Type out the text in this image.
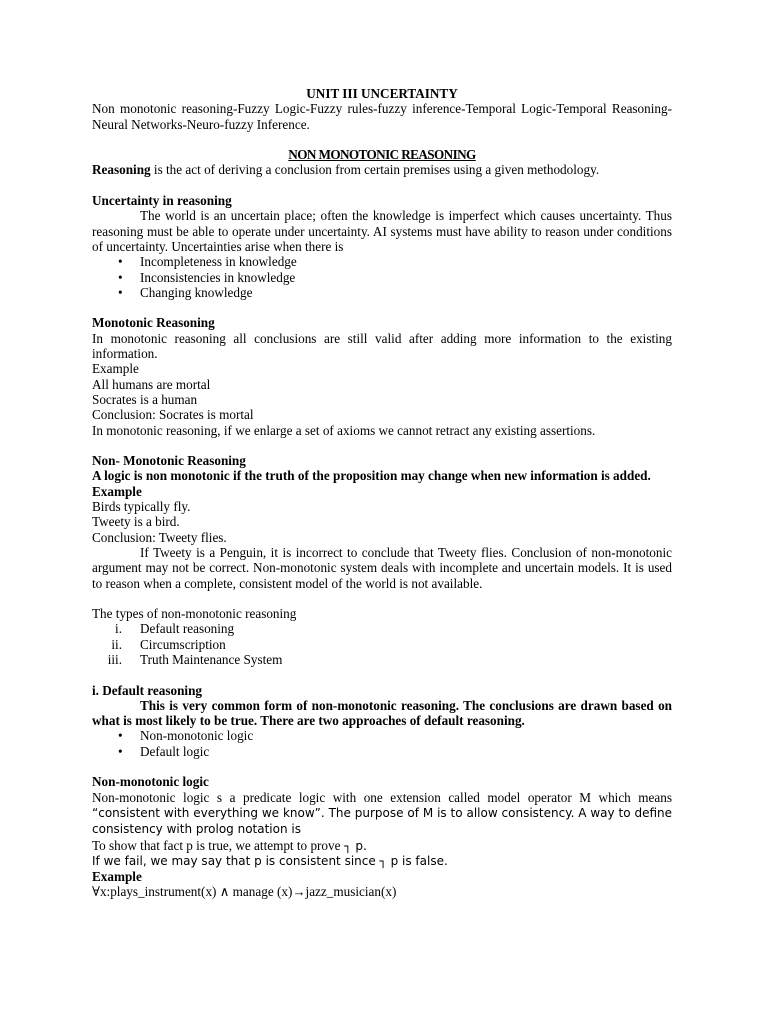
UNIT III UNCERTAINTY

Non monotonic reasoning-Fuzzy Logic-Fuzzy rules-fuzzy inference-Temporal Logic-Temporal Reasoning-Neural Networks-Neuro-fuzzy Inference.

NON MONOTONIC REASONING

Reasoning is the act of deriving a conclusion from certain premises using a given methodology.

Uncertainty in reasoning

The world is an uncertain place; often the knowledge is imperfect which causes uncertainty. Thus reasoning must be able to operate under uncertainty. AI systems must have ability to reason under conditions of uncertainty. Uncertainties arise when there is

• Incompleteness in knowledge
• Inconsistencies in knowledge
• Changing knowledge

Monotonic Reasoning

In monotonic reasoning all conclusions are still valid after adding more information to the existing information.

Example

All humans are mortal

Socrates is a human

Conclusion: Socrates is mortal

In monotonic reasoning, if we enlarge a set of axioms we cannot retract any existing assertions.

Non- Monotonic Reasoning

A logic is non monotonic if the truth of the proposition may change when new information is added.

Example

Birds typically fly.

Tweety is a bird.

Conclusion: Tweety flies.

If Tweety is a Penguin, it is incorrect to conclude that Tweety flies. Conclusion of non-monotonic argument may not be correct. Non-monotonic system deals with incomplete and uncertain models. It is used to reason when a complete, consistent model of the world is not available.

The types of non-monotonic reasoning

i. Default reasoning
ii. Circumscription
iii. Truth Maintenance System

i. Default reasoning

This is very common form of non-monotonic reasoning. The conclusions are drawn based on what is most likely to be true. There are two approaches of default reasoning.

• Non-monotonic logic
• Default logic

Non-monotonic logic

Non-monotonic logic s a predicate logic with one extension called model operator M which means “consistent with everything we know”. The purpose of M is to allow consistency. A way to define consistency with prolog notation is

To show that fact p is true, we attempt to prove ┐ p.

If we fail, we may say that p is consistent since ┐ p is false.

Example

∀x:plays_instrument(x) ∧ manage (x)→jazz_musician(x)
